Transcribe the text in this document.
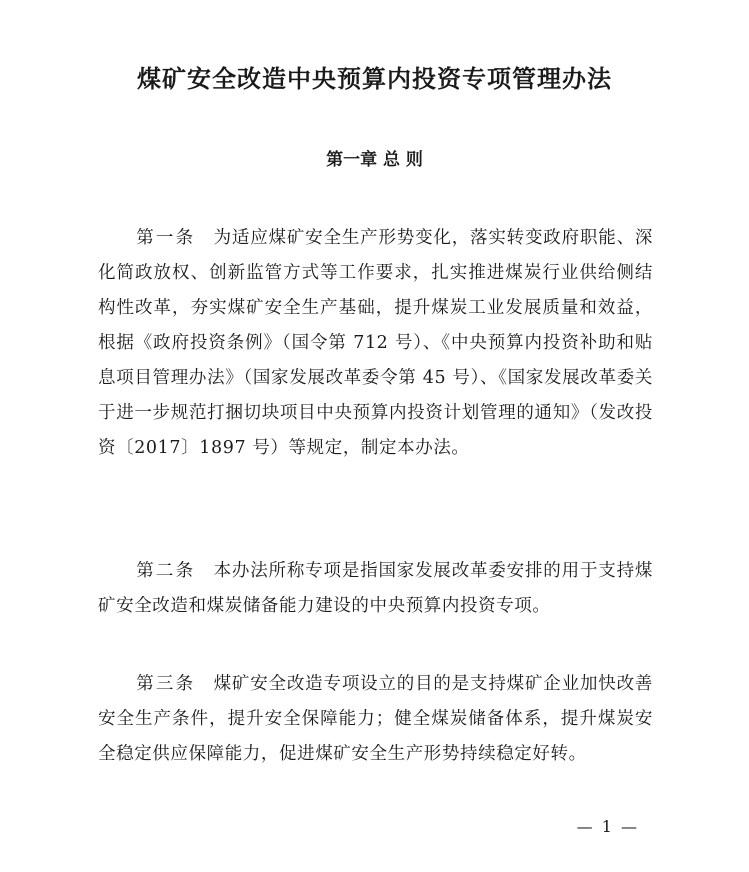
煤矿安全改造中央预算内投资专项管理办法
第一章 总 则

第一条 为适应煤矿安全生产形势变化，落实转变政府职能、深化简政放权、创新监管方式等工作要求，扎实推进煤炭行业供给侧结构性改革，夯实煤矿安全生产基础，提升煤炭工业发展质量和效益，根据《政府投资条例》（国令第 712 号）、《中央预算内投资补助和贴息项目管理办法》（国家发展改革委令第 45 号）、《国家发展改革委关于进一步规范打捆切块项目中央预算内投资计划管理的通知》（发改投资〔2017〕1897 号）等规定，制定本办法。

第二条 本办法所称专项是指国家发展改革委安排的用于支持煤矿安全改造和煤炭储备能力建设的中央预算内投资专项。

第三条 煤矿安全改造专项设立的目的是支持煤矿企业加快改善安全生产条件，提升安全保障能力；健全煤炭储备体系，提升煤炭安全稳定供应保障能力，促进煤矿安全生产形势持续稳定好转。

— 1 —
